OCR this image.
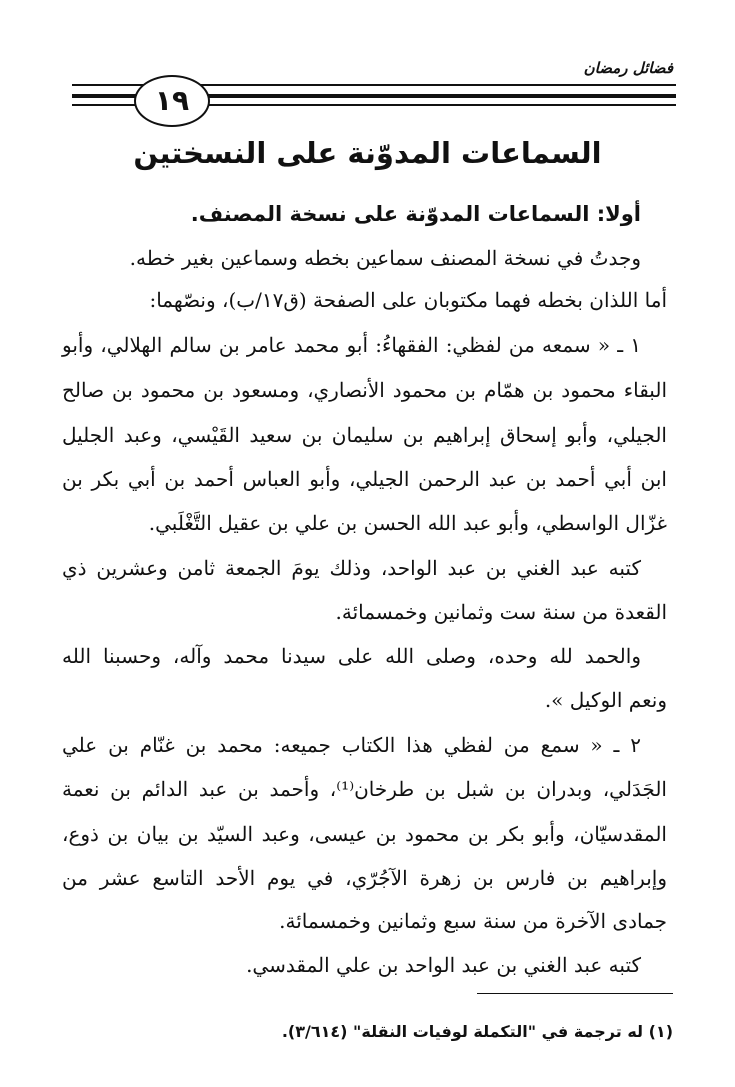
فضائل رمضان
١٩
السماعات المدوّنة على النسختين
أولا: السماعات المدوّنة على نسخة المصنف.
وجدتُ في نسخة المصنف سماعين بخطه وسماعين بغير خطه.
أما اللذان بخطه فهما مكتوبان على الصفحة (ق١٧/ب)، ونصّهما:
١ ـ « سمعه من لفظي: الفقهاءُ: أبو محمد عامر بن سالم الهلالي، وأبو
البقاء محمود بن همّام بن محمود الأنصاري، ومسعود بن محمود بن صالح
الجيلي، وأبو إسحاق إبراهيم بن سليمان بن سعيد القَيْسي، وعبد الجليل
ابن أبي أحمد بن عبد الرحمن الجيلي، وأبو العباس أحمد بن أبي بكر بن
غزّال الواسطي، وأبو عبد الله الحسن بن علي بن عقيل التَّغْلَبي.
كتبه عبد الغني بن عبد الواحد، وذلك يومَ الجمعة ثامن وعشرين ذي
القعدة من سنة ست وثمانين وخمسمائة.
والحمد لله وحده، وصلى الله على سيدنا محمد وآله، وحسبنا الله
ونعم الوكيل ».
٢ ـ « سمع من لفظي هذا الكتاب جميعه: محمد بن غنّام بن علي
الجَدَلي، وبدران بن شبل بن طرخان⁽¹⁾، وأحمد بن عبد الدائم بن نعمة
المقدسيّان، وأبو بكر بن محمود بن عيسى، وعبد السيّد بن بيان بن ذوع،
وإبراهيم بن فارس بن زهرة الآجُرّي، في يوم الأحد التاسع عشر من
جمادى الآخرة من سنة سبع وثمانين وخمسمائة.
كتبه عبد الغني بن عبد الواحد بن علي المقدسي.
(١) له ترجمة في "التكملة لوفيات النقلة" (٣/٦١٤).
